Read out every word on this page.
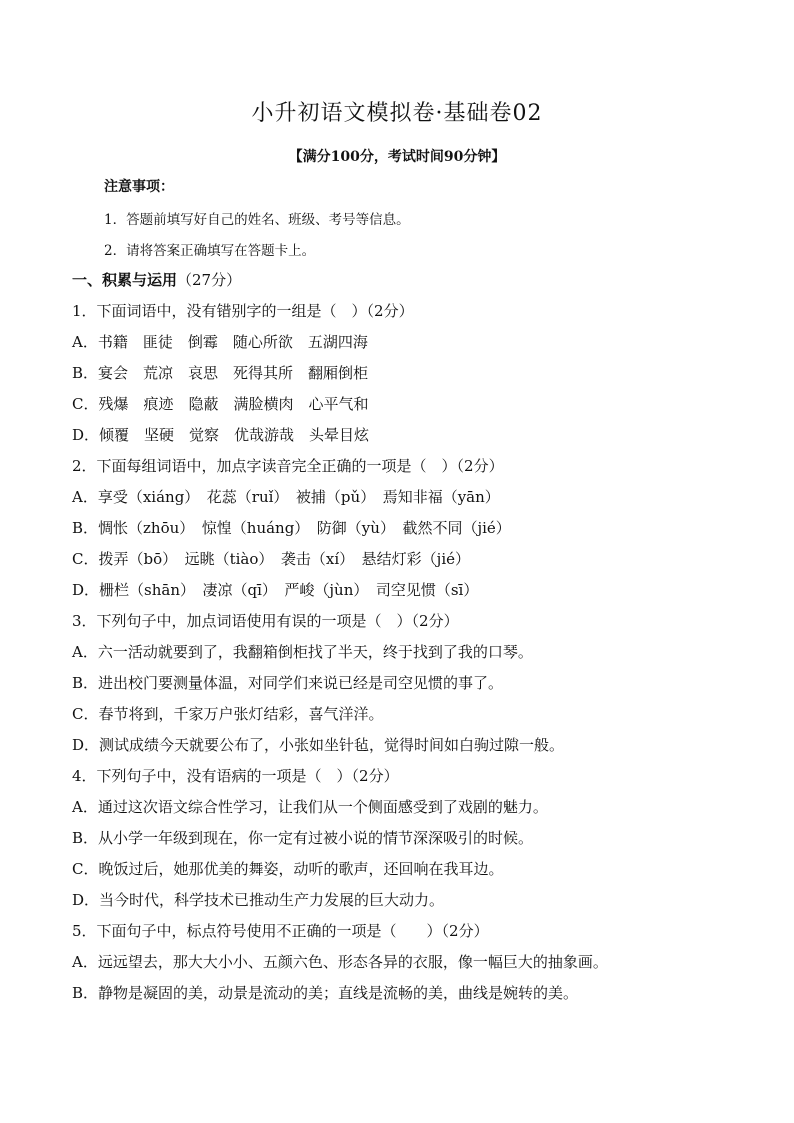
小升初语文模拟卷·基础卷02
【满分100分，考试时间90分钟】
注意事项：
1．答题前填写好自己的姓名、班级、考号等信息。
2．请将答案正确填写在答题卡上。
一、积累与运用（27分）
1．下面词语中，没有错别字的一组是（　）（2分）
A．书籍　匪徒　倒霉　随心所欲　五湖四海
B．宴会　荒凉　哀思　死得其所　翻厢倒柜
C．残爆　痕迹　隐蔽　满脸横肉　心平气和
D．倾覆　坚硬　觉察　优哉游哉　头晕目炫
2．下面每组词语中，加点字读音完全正确的一项是（　）（2分）
A．享受（xiáng）　花蕊（ruǐ）　被捕（pǔ）　焉知非福（yān）
B．惆怅（zhōu）　惊惶（huáng）　防御（yù）　截然不同（jié）
C．拨弄（bō）　远眺（tiào）　袭击（xí）　悬结灯彩（jié）
D．栅栏（shān）　凄凉（qī）　严峻（jùn）　司空见惯（sī）
3．下列句子中，加点词语使用有误的一项是（　）（2分）
A．六一活动就要到了，我翻箱倒柜找了半天，终于找到了我的口琴。
B．进出校门要测量体温，对同学们来说已经是司空见惯的事了。
C．春节将到，千家万户张灯结彩，喜气洋洋。
D．测试成绩今天就要公布了，小张如坐针毡，觉得时间如白驹过隙一般。
4．下列句子中，没有语病的一项是（　）（2分）
A．通过这次语文综合性学习，让我们从一个侧面感受到了戏剧的魅力。
B．从小学一年级到现在，你一定有过被小说的情节深深吸引的时候。
C．晚饭过后，她那优美的舞姿，动听的歌声，还回响在我耳边。
D．当今时代，科学技术已推动生产力发展的巨大动力。
5．下面句子中，标点符号使用不正确的一项是（　　）（2分）
A．远远望去，那大大小小、五颜六色、形态各异的衣服，像一幅巨大的抽象画。
B．静物是凝固的美，动景是流动的美；直线是流畅的美，曲线是婉转的美。
